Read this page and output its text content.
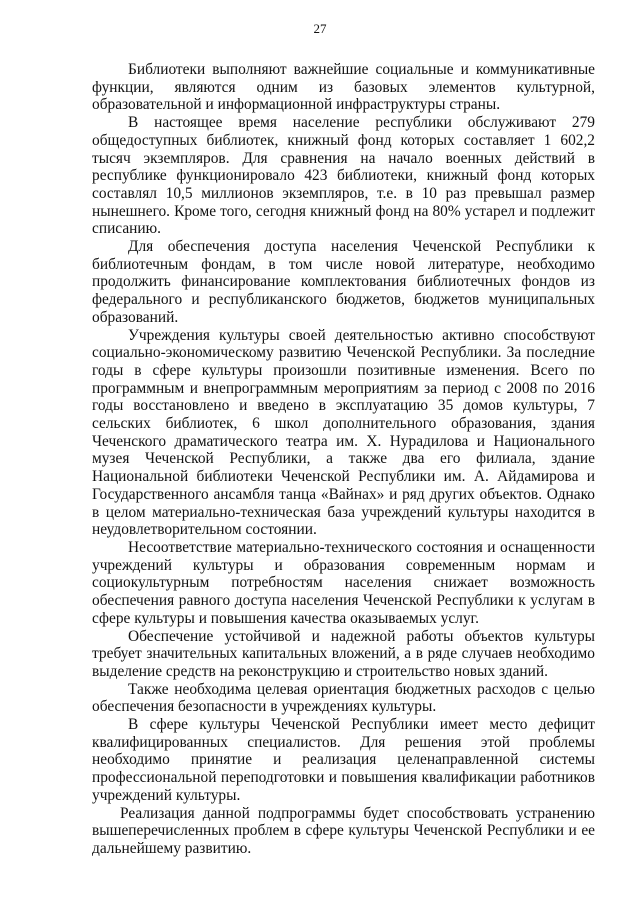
27

Библиотеки выполняют важнейшие социальные и коммуникативные функции, являются одним из базовых элементов культурной, образовательной и информационной инфраструктуры страны.

В настоящее время население республики обслуживают 279 общедоступных библиотек, книжный фонд которых составляет 1 602,2 тысяч экземпляров. Для сравнения на начало военных действий в республике функционировало 423 библиотеки, книжный фонд которых составлял 10,5 миллионов экземпляров, т.е. в 10 раз превышал размер нынешнего. Кроме того, сегодня книжный фонд на 80% устарел и подлежит списанию.

Для обеспечения доступа населения Чеченской Республики к библиотечным фондам, в том числе новой литературе, необходимо продолжить финансирование комплектования библиотечных фондов из федерального и республиканского бюджетов, бюджетов муниципальных образований.

Учреждения культуры своей деятельностью активно способствуют социально-экономическому развитию Чеченской Республики. За последние годы в сфере культуры произошли позитивные изменения. Всего по программным и внепрограммным мероприятиям за период с 2008 по 2016 годы восстановлено и введено в эксплуатацию 35 домов культуры, 7 сельских библиотек, 6 школ дополнительного образования, здания Чеченского драматического театра им. Х. Нурадилова и Национального музея Чеченской Республики, а также два его филиала, здание Национальной библиотеки Чеченской Республики им. А. Айдамирова и Государственного ансамбля танца «Вайнах» и ряд других объектов. Однако в целом материально-техническая база учреждений культуры находится в неудовлетворительном состоянии.

Несоответствие материально-технического состояния и оснащенности учреждений культуры и образования современным нормам и социокультурным потребностям населения снижает возможность обеспечения равного доступа населения Чеченской Республики к услугам в сфере культуры и повышения качества оказываемых услуг.

Обеспечение устойчивой и надежной работы объектов культуры требует значительных капитальных вложений, а в ряде случаев необходимо выделение средств на реконструкцию и строительство новых зданий.

Также необходима целевая ориентация бюджетных расходов с целью обеспечения безопасности в учреждениях культуры.

В сфере культуры Чеченской Республики имеет место дефицит квалифицированных специалистов. Для решения этой проблемы необходимо принятие и реализация целенаправленной системы профессиональной переподготовки и повышения квалификации работников учреждений культуры.

Реализация данной подпрограммы будет способствовать устранению вышеперечисленных проблем в сфере культуры Чеченской Республики и ее дальнейшему развитию.
